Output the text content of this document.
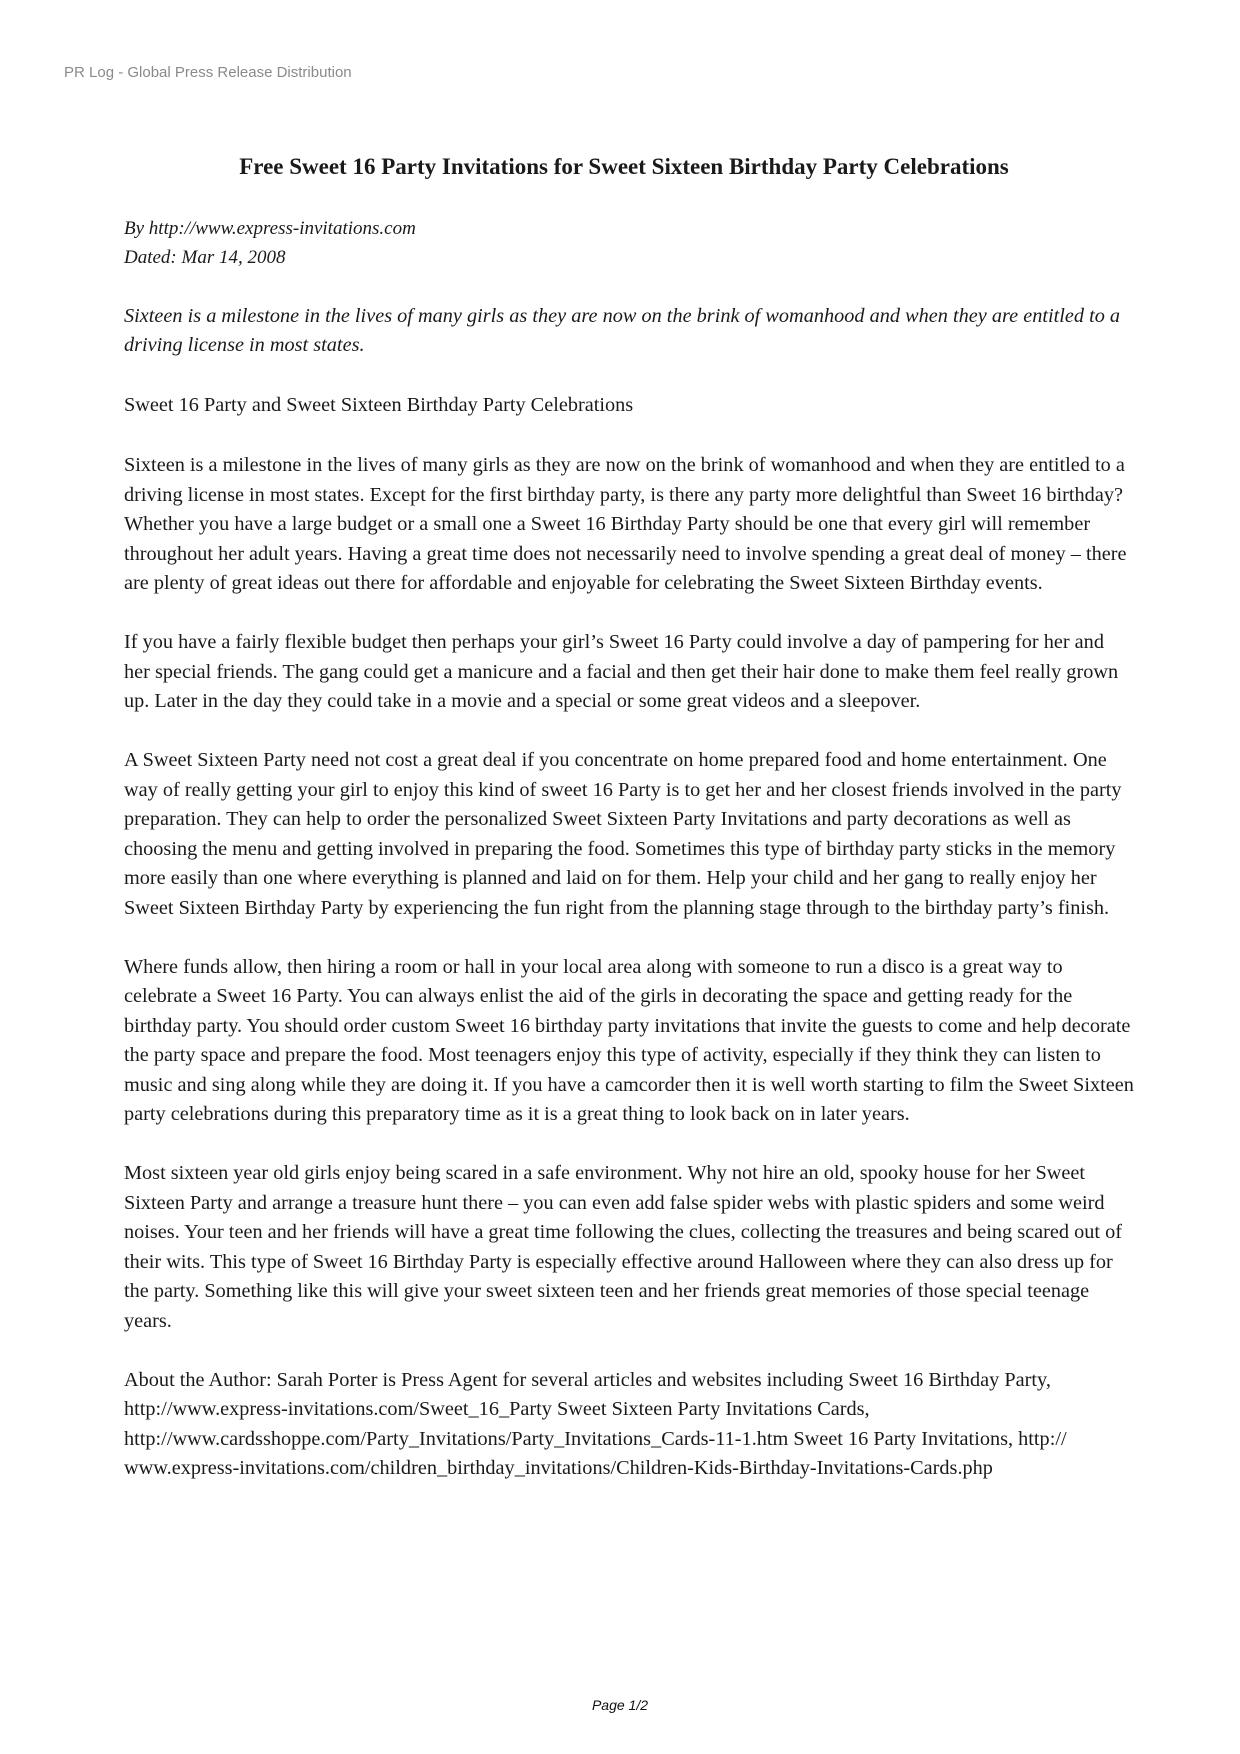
PR Log - Global Press Release Distribution
Free Sweet 16 Party Invitations for Sweet Sixteen Birthday Party Celebrations
By http://www.express-invitations.com
Dated: Mar 14, 2008

Sixteen is a milestone in the lives of many girls as they are now on the brink of womanhood and when they are entitled to a driving license in most states.

Sweet 16 Party and Sweet Sixteen Birthday Party Celebrations

Sixteen is a milestone in the lives of many girls as they are now on the brink of womanhood and when they are entitled to a driving license in most states. Except for the first birthday party, is there any party more delightful than Sweet 16 birthday? Whether you have a large budget or a small one a Sweet 16 Birthday Party should be one that every girl will remember throughout her adult years. Having a great time does not necessarily need to involve spending a great deal of money – there are plenty of great ideas out there for affordable and enjoyable for celebrating the Sweet Sixteen Birthday events.

If you have a fairly flexible budget then perhaps your girl’s Sweet 16 Party could involve a day of pampering for her and her special friends. The gang could get a manicure and a facial and then get their hair done to make them feel really grown up. Later in the day they could take in a movie and a special or some great videos and a sleepover.

A Sweet Sixteen Party need not cost a great deal if you concentrate on home prepared food and home entertainment. One way of really getting your girl to enjoy this kind of sweet 16 Party is to get her and her closest friends involved in the party preparation. They can help to order the personalized Sweet Sixteen Party Invitations and party decorations as well as choosing the menu and getting involved in preparing the food. Sometimes this type of birthday party sticks in the memory more easily than one where everything is planned and laid on for them. Help your child and her gang to really enjoy her Sweet Sixteen Birthday Party by experiencing the fun right from the planning stage through to the birthday party’s finish.

Where funds allow, then hiring a room or hall in your local area along with someone to run a disco is a great way to celebrate a Sweet 16 Party. You can always enlist the aid of the girls in decorating the space and getting ready for the birthday party. You should order custom Sweet 16 birthday party invitations that invite the guests to come and help decorate the party space and prepare the food. Most teenagers enjoy this type of activity, especially if they think they can listen to music and sing along while they are doing it. If you have a camcorder then it is well worth starting to film the Sweet Sixteen party celebrations during this preparatory time as it is a great thing to look back on in later years.

Most sixteen year old girls enjoy being scared in a safe environment. Why not hire an old, spooky house for her Sweet Sixteen Party and arrange a treasure hunt there – you can even add false spider webs with plastic spiders and some weird noises. Your teen and her friends will have a great time following the clues, collecting the treasures and being scared out of their wits. This type of Sweet 16 Birthday Party is especially effective around Halloween where they can also dress up for the party. Something like this will give your sweet sixteen teen and her friends great memories of those special teenage years.

About the Author: Sarah Porter is Press Agent for several articles and websites including Sweet 16 Birthday Party, http://www.express-invitations.com/Sweet_16_Party Sweet Sixteen Party Invitations Cards, http://www.cardsshoppe.com/Party_Invitations/Party_Invitations_Cards-11-1.htm Sweet 16 Party Invitations, http:// www.express-invitations.com/children_birthday_invitations/Children-Kids-Birthday-Invitations-Cards.php

Page 1/2
